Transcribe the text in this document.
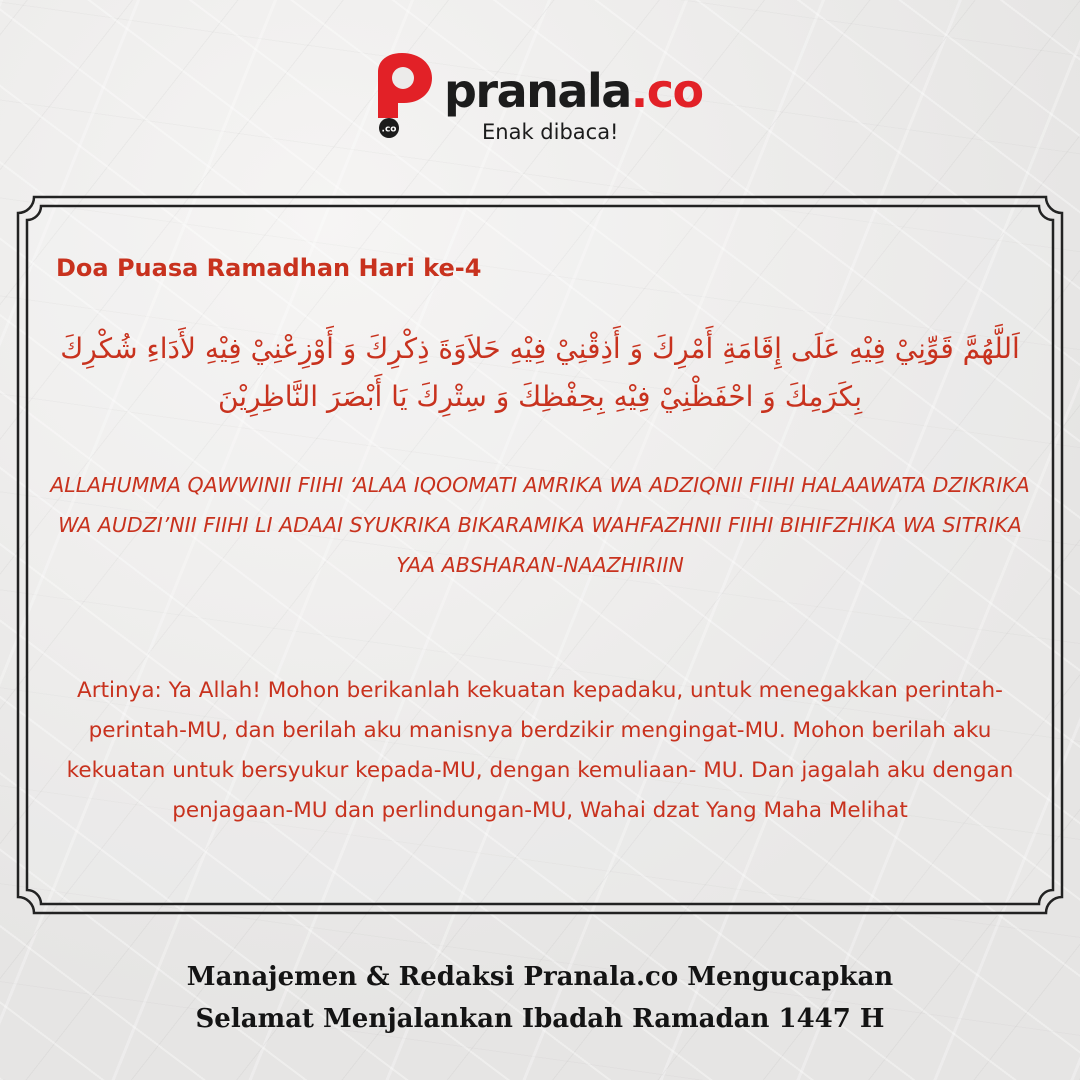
.co
pranala.co
Enak dibaca!
Doa Puasa Ramadhan Hari ke-4
اَللَّهُمَّ قَوِّنِيْ فِيْهِ عَلَى إِقَامَةِ أَمْرِكَ وَ أَذِقْنِيْ فِيْهِ حَلاَوَةَ ذِكْرِكَ وَ أَوْزِعْنِيْ فِيْهِ لأَدَاءِ شُكْرِكَ بِكَرَمِكَ وَ احْفَظْنِيْ فِيْهِ بِحِفْظِكَ وَ سِتْرِكَ يَا أَبْصَرَ النَّاظِرِيْنَ
ALLAHUMMA QAWWINII FIIHI ‘ALAA IQOOMATI AMRIKA WA ADZIQNII FIIHI HALAAWATA DZIKRIKA WA AUDZI’NII FIIHI LI ADAAI SYUKRIKA BIKARAMIKA WAHFAZHNII FIIHI BIHIFZHIKA WA SITRIKA YAA ABSHARAN-NAAZHIRIIN
Artinya: Ya Allah! Mohon berikanlah kekuatan kepadaku, untuk menegakkan perintah-perintah-MU, dan berilah aku manisnya berdzikir mengingat-MU. Mohon berilah aku kekuatan untuk bersyukur kepada-MU, dengan kemuliaan- MU. Dan jagalah aku dengan penjagaan-MU dan perlindungan-MU, Wahai dzat Yang Maha Melihat
Manajemen & Redaksi Pranala.co Mengucapkan
Selamat Menjalankan Ibadah Ramadan 1447 H
